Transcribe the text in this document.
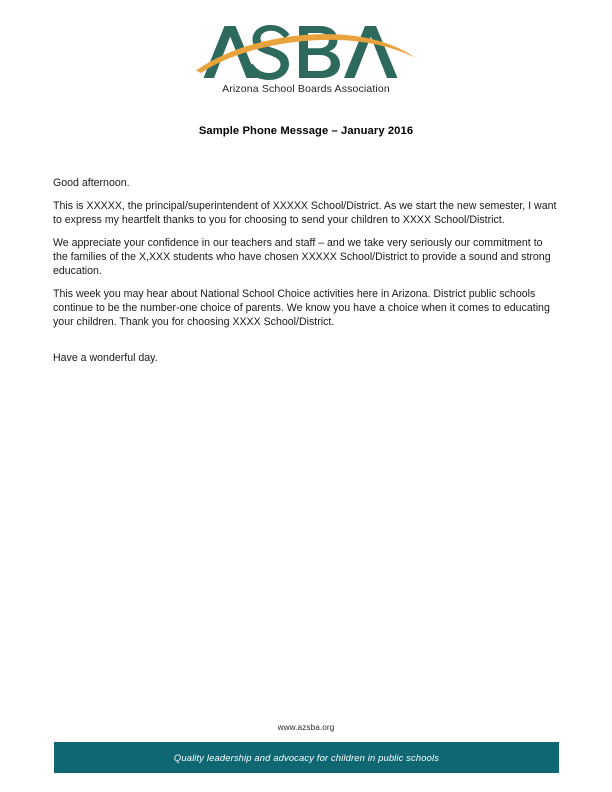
Arizona School Boards Association
Sample Phone Message – January 2016

Good afternoon.

This is XXXXX, the principal/superintendent of XXXXX School/District. As we start the new semester, I want to express my heartfelt thanks to you for choosing to send your children to XXXX School/District.

We appreciate your confidence in our teachers and staff – and we take very seriously our commitment to the families of the X,XXX students who have chosen XXXXX School/District to provide a sound and strong education.

This week you may hear about National School Choice activities here in Arizona. District public schools continue to be the number-one choice of parents. We know you have a choice when it comes to educating your children. Thank you for choosing XXXX School/District.

Have a wonderful day.

www.azsba.org
Quality leadership and advocacy for children in public schools
